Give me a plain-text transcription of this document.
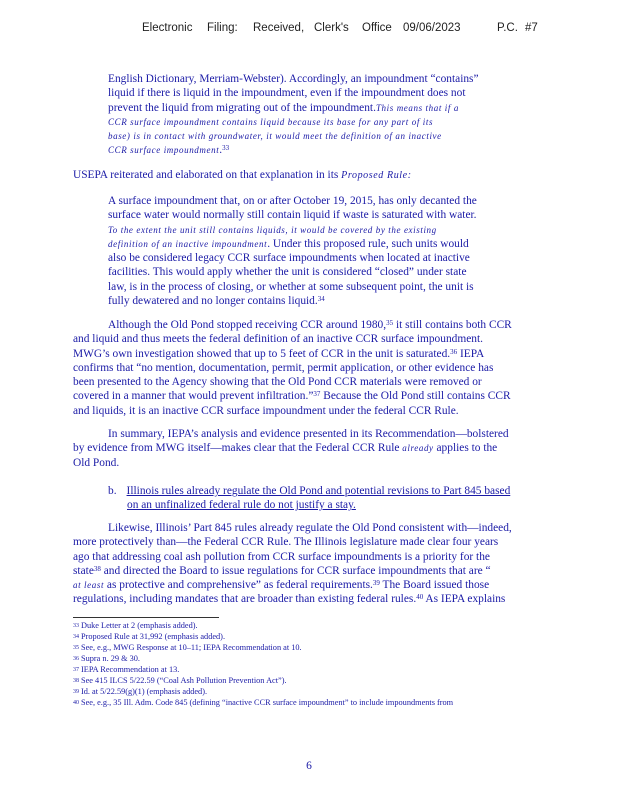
Electronic Filing: Received, Clerk's Office 09/06/2023	P.C. #7
English Dictionary, Merriam-Webster). Accordingly, an impoundment “contains”
liquid if there is liquid in the impoundment, even if the impoundment does not
prevent the liquid from migrating out of the impoundment.This means that if a
CCR surface impoundment contains liquid because its base for any part of its
base) is in contact with groundwater, it would meet the definition of an inactive
CCR surface impoundment.$^{33}$
USEPA reiterated and elaborated on that explanation in its Proposed Rule:
A surface impoundment that, on or after October 19, 2015, has only decanted the
surface water would normally still contain liquid if waste is saturated with water.
To the extent the unit still contains liquids, it would be covered by the existing
definition of an inactive impoundment. Under this proposed rule, such units would
also be considered legacy CCR surface impoundments when located at inactive
facilities. This would apply whether the unit is considered “closed” under state
law, is in the process of closing, or whether at some subsequent point, the unit is
fully dewatered and no longer contains liquid.$^{34}$
Although the Old Pond stopped receiving CCR around 1980,35 it still contains both CCR
and liquid and thus meets the federal definition of an inactive CCR surface impoundment.
MWG’s own investigation showed that up to 5 feet of CCR in the unit is saturated.$^{36}$ IEPA
confirms that “no mention, documentation, permit, permit application, or other evidence has
been presented to the Agency showing that the Old Pond CCR materials were removed or
covered in a manner that would prevent infiltration.”$^{37}$ Because the Old Pond still contains CCR
and liquids, it is an inactive CCR surface impoundment under the federal CCR Rule.
In summary, IEPA’s analysis and evidence presented in its Recommendation—bolstered
by evidence from MWG itself—makes clear that the Federal CCR Rule already applies to the
Old Pond.
b. Illinois rules already regulate the Old Pond and potential revisions to Part 845 based
on an unfinalized federal rule do not justify a stay.
Likewise, Illinois’ Part 845 rules already regulate the Old Pond consistent with—indeed,
more protectively than—the Federal CCR Rule. The Illinois legislature made clear four years
ago that addressing coal ash pollution from CCR surface impoundments is a priority for the
state$^{38}$ and directed the Board to issue regulations for CCR surface impoundments that are “
at least as protective and comprehensive” as federal requirements.$^{39}$ The Board issued those
regulations, including mandates that are broader than existing federal rules.$^{40}$ As IEPA explains
$^{33}$ Duke Letter at 2 (emphasis added).
$^{34}$ Proposed Rule at 31,992 (emphasis added).
$^{35}$ See, e.g., MWG Response at 10–11; IEPA Recommendation at 10.
$^{36}$ Supra n. 29 & 30.
$^{37}$ IEPA Recommendation at 13.
$^{38}$ See 415 ILCS 5/22.59 (“Coal Ash Pollution Prevention Act”).
$^{39}$ Id. at 5/22.59(g)(1) (emphasis added).
$^{40}$ See, e.g., 35 Ill. Adm. Code 845 (defining “inactive CCR surface impoundment” to include impoundments from
6
